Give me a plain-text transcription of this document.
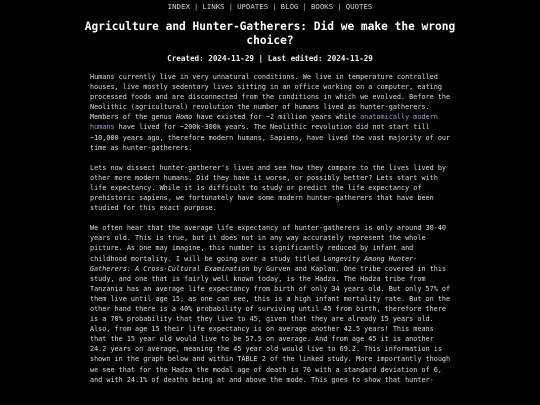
INDEX | LINKS | UPDATES | BLOG | BOOKS | QUOTES
Agriculture and Hunter-Gatherers: Did we make the wrong choice?
Created: 2024-11-29 | Last edited: 2024-11-29

Humans currently live in very unnatural conditions. We live in temperature controlled houses, live mostly sedentary lives sitting in an office working on a computer, eating processed foods and are disconnected from the conditions in which we evolved. Before the Neolithic (agricultural) revolution the number of humans lived as hunter-gatherers. Members of the genus Homo have existed for ~2 million years while anatomically modern humans have lived for ~200k-300k years. The Neolithic revolution did not start till ~10,000 years ago, therefore modern humans, Sapiens, have lived the vast majority of our time as hunter-gatherers.

Lets now dissect hunter-gatherer's lives and see how they compare to the lives lived by other more modern humans. Did they have it worse, or possibly better? Lets start with life expectancy. While it is difficult to study or predict the life expectancy of prehistoric sapiens, we fortunately have some modern hunter-gatherers that have been studied for this exact purpose.

We often hear that the average life expectancy of hunter-gatherers is only around 30-40 years old. This is true, but it does not in any way accurately represent the whole picture. As one may imagine, this number is significantly reduced by infant and childhood mortality. I will be going over a study titled Longevity Among Hunter-Gatherers: A Cross-Cultural Examination by Gurven and Kaplan. One tribe covered in this study, and one that is fairly well known today, is the Hadza. The Hadza tribe from Tanzania has an average life expectancy from birth of only 34 years old. But only 57% of them live until age 15; as one can see, this is a high infant mortality rate. But on the other hand there is a 40% probability of surviving until 45 from birth, therefore there is a 70% probability that they live to 45, given that they are already 15 years old. Also, from age 15 their life expectancy is on average another 42.5 years! This means that the 15 year old would live to be 57.5 on average. And from age 45 it is another 24.2 years on average, meaning the 45 year old would live to 69.2. This information is shown in the graph below and within TABLE 2 of the linked study. More importantly though we see that for the Hadza the modal age of death is 76 with a standard deviation of 6, and with 24.1% of deaths being at and above the mode. This goes to show that hunter-
